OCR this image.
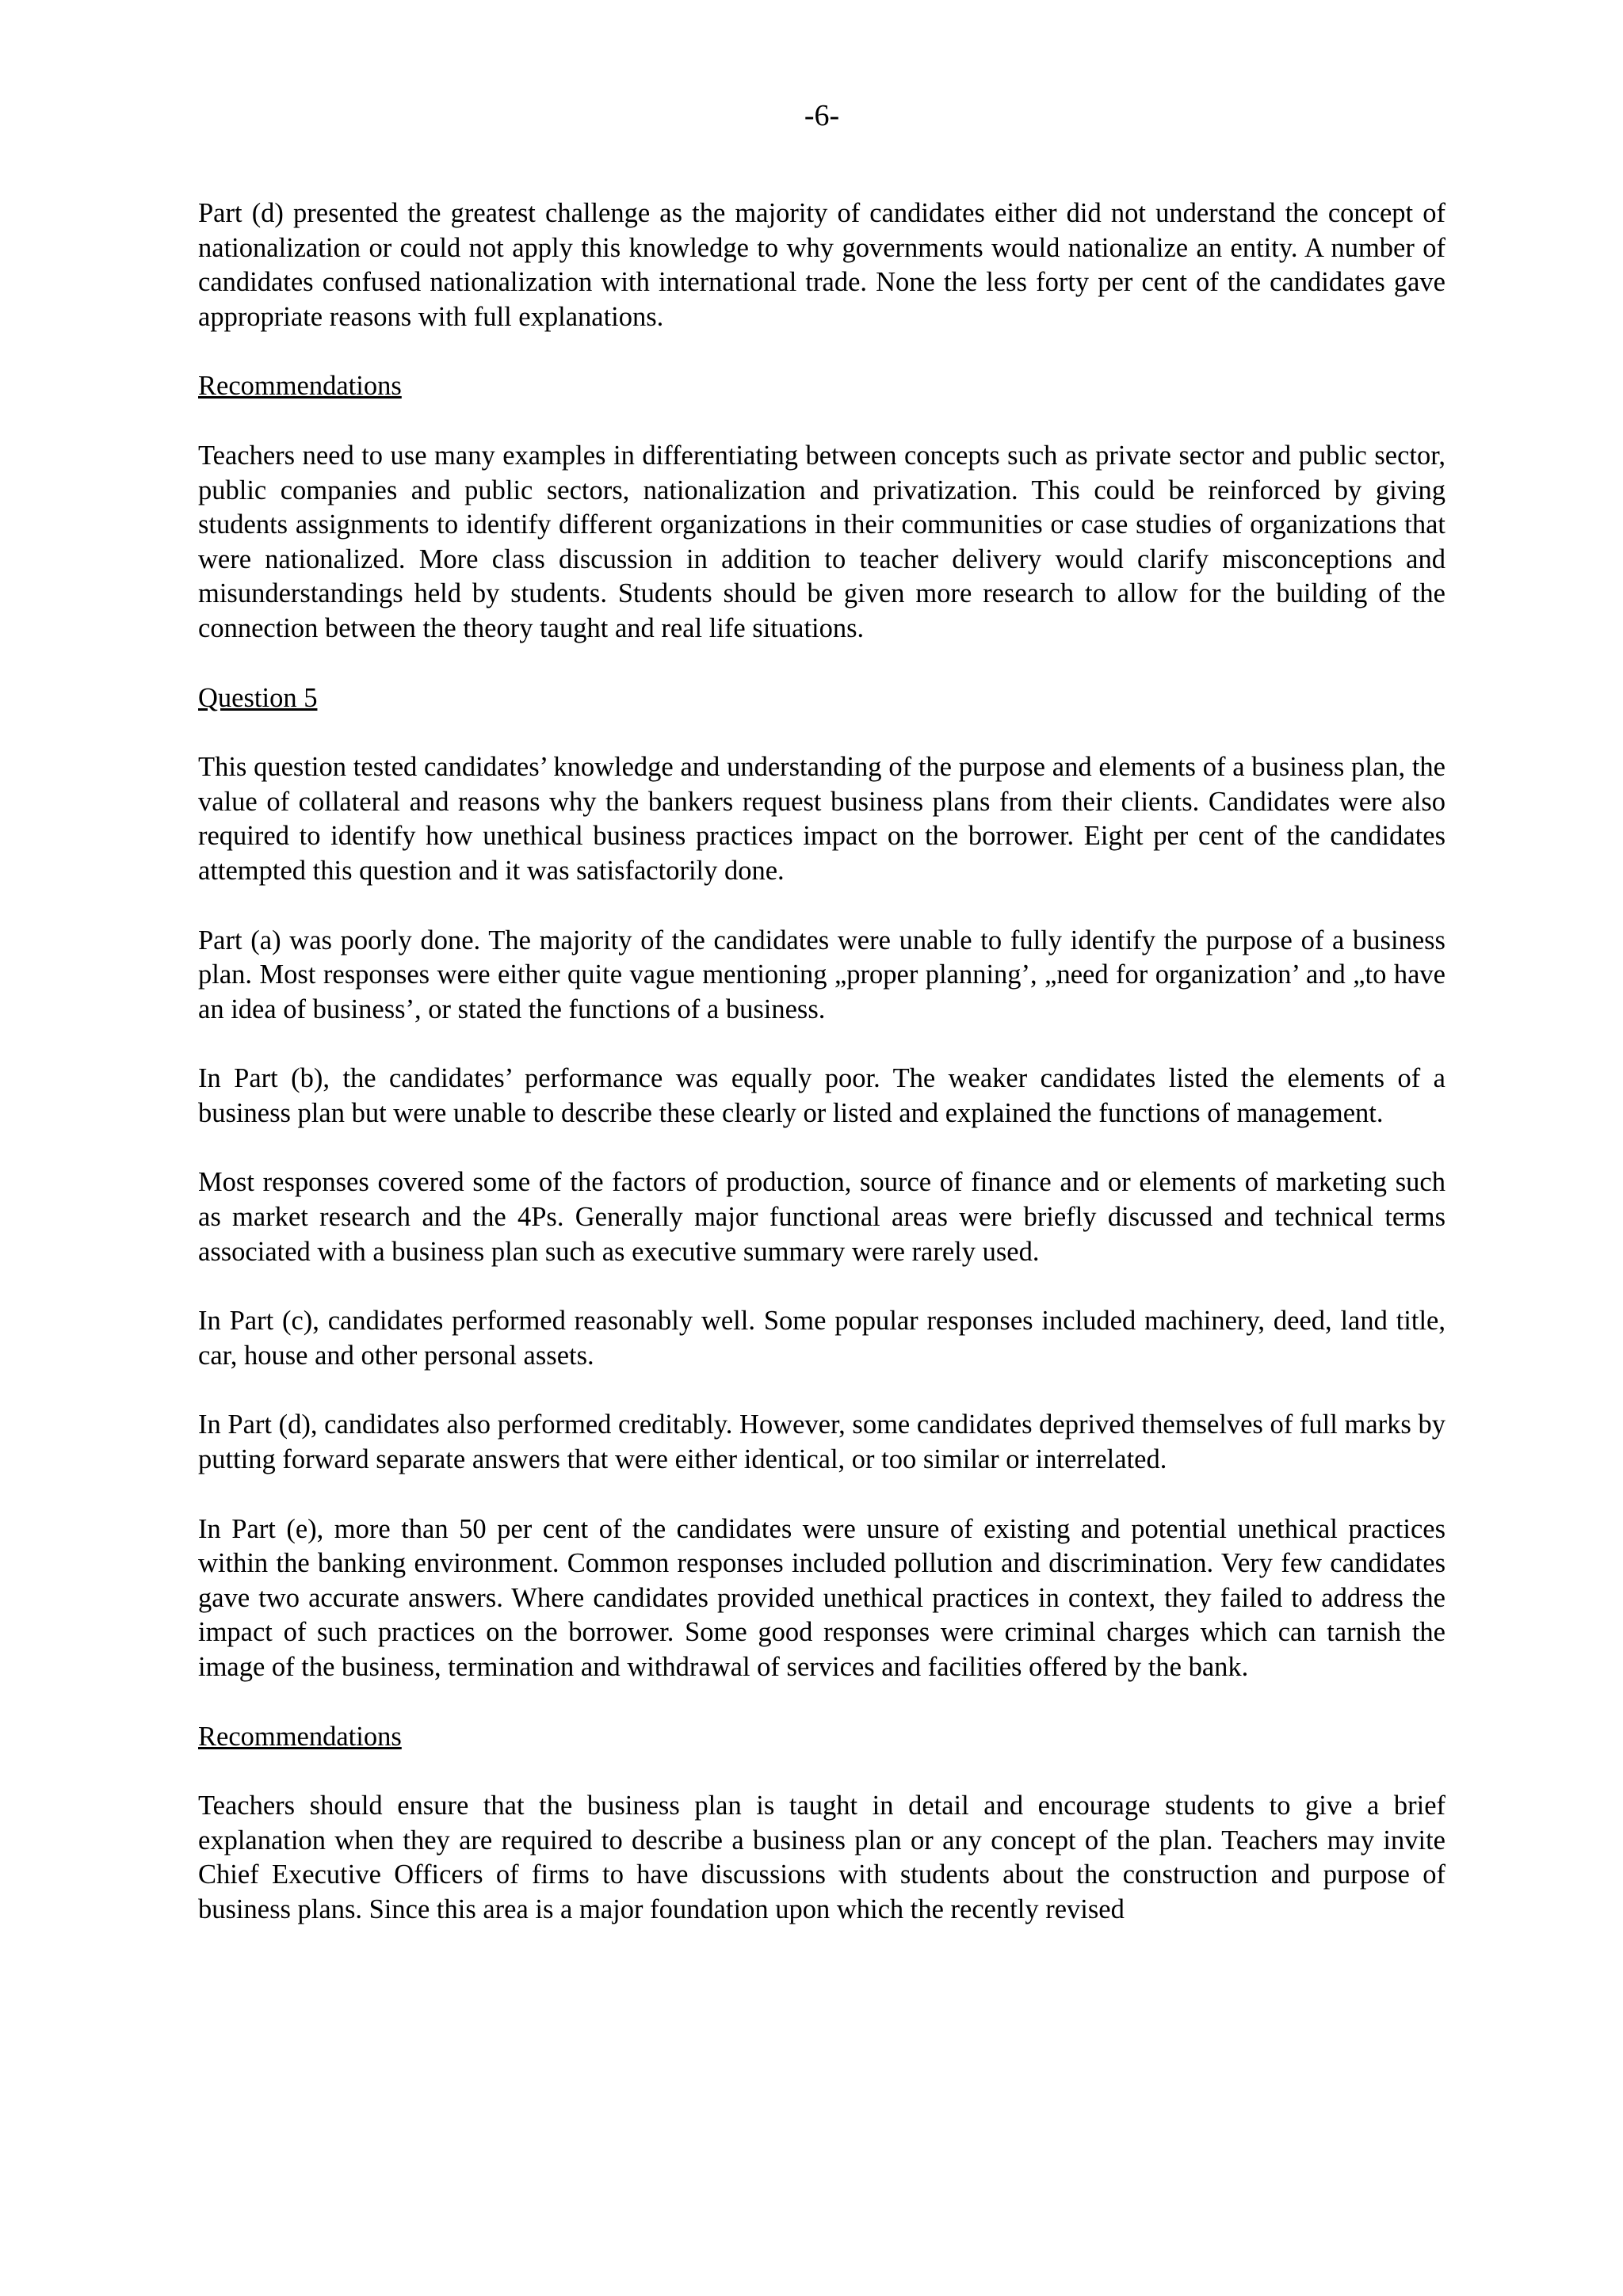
-6-

Part (d) presented the greatest challenge as the majority of candidates either did not understand the concept of nationalization or could not apply this knowledge to why governments would nationalize an entity. A number of candidates confused nationalization with international trade. None the less forty per cent of the candidates gave appropriate reasons with full explanations.

Recommendations

Teachers need to use many examples in differentiating between concepts such as private sector and public sector, public companies and public sectors, nationalization and privatization. This could be reinforced by giving students assignments to identify different organizations in their communities or case studies of organizations that were nationalized. More class discussion in addition to teacher delivery would clarify misconceptions and misunderstandings held by students. Students should be given more research to allow for the building of the connection between the theory taught and real life situations.

Question 5

This question tested candidates’ knowledge and understanding of the purpose and elements of a business plan, the value of collateral and reasons why the bankers request business plans from their clients. Candidates were also required to identify how unethical business practices impact on the borrower. Eight per cent of the candidates attempted this question and it was satisfactorily done.

Part (a) was poorly done. The majority of the candidates were unable to fully identify the purpose of a business plan. Most responses were either quite vague mentioning „proper planning’, „need for organization’ and „to have an idea of business’, or stated the functions of a business.

In Part (b), the candidates’ performance was equally poor. The weaker candidates listed the elements of a business plan but were unable to describe these clearly or listed and explained the functions of management.

Most responses covered some of the factors of production, source of finance and or elements of marketing such as market research and the 4Ps. Generally major functional areas were briefly discussed and technical terms associated with a business plan such as executive summary were rarely used.

In Part (c), candidates performed reasonably well. Some popular responses included machinery, deed, land title, car, house and other personal assets.

In Part (d), candidates also performed creditably. However, some candidates deprived themselves of full marks by putting forward separate answers that were either identical, or too similar or interrelated.

In Part (e), more than 50 per cent of the candidates were unsure of existing and potential unethical practices within the banking environment. Common responses included pollution and discrimination. Very few candidates gave two accurate answers. Where candidates provided unethical practices in context, they failed to address the impact of such practices on the borrower. Some good responses were criminal charges which can tarnish the image of the business, termination and withdrawal of services and facilities offered by the bank.

Recommendations

Teachers should ensure that the business plan is taught in detail and encourage students to give a brief explanation when they are required to describe a business plan or any concept of the plan. Teachers may invite Chief Executive Officers of firms to have discussions with students about the construction and purpose of business plans. Since this area is a major foundation upon which the recently revised
